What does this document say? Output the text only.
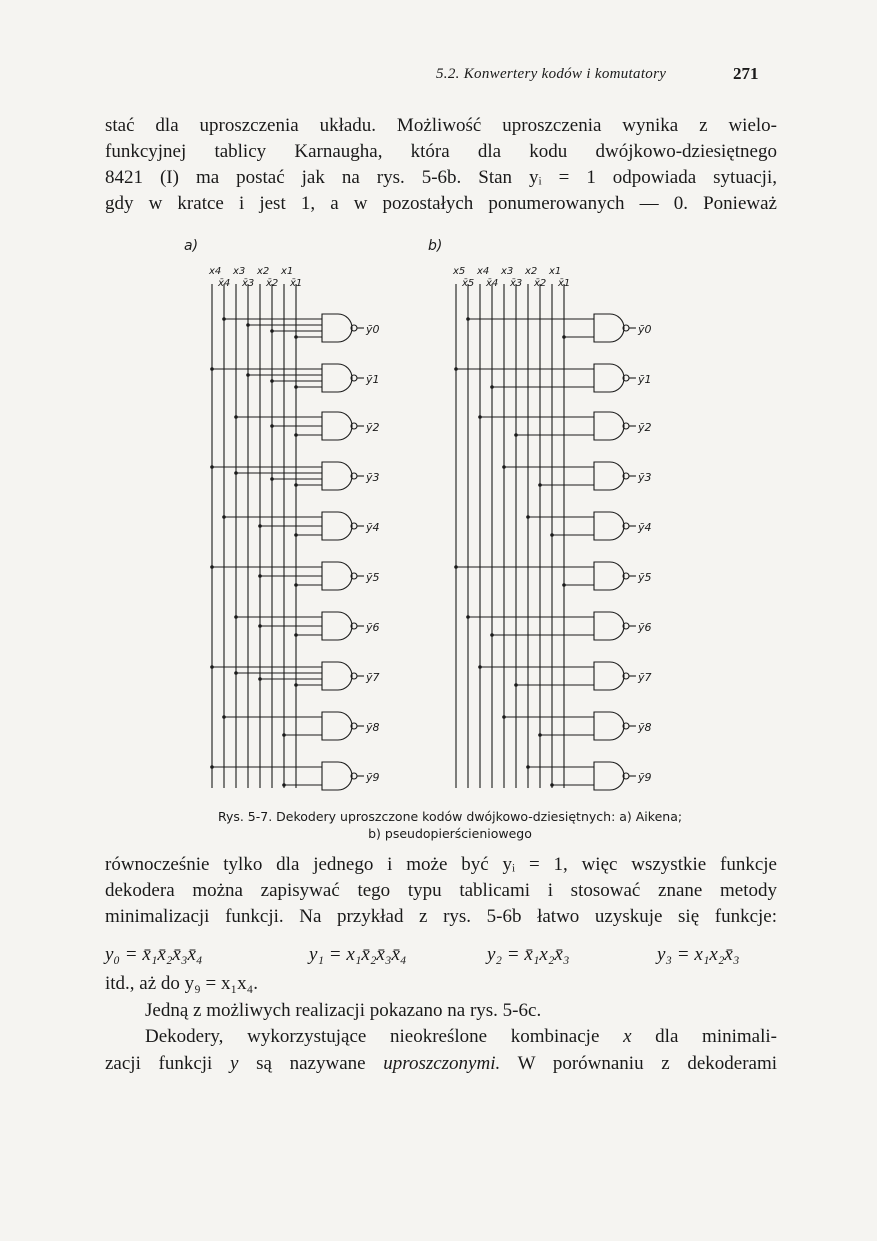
5.2. Konwertery kodów i komutatory	271
stać dla uproszczenia układu. Możliwość uproszczenia wynika z wielo-
funkcyjnej tablicy Karnaugha, która dla kodu dwójkowo-dziesiętnego
8421 (I) ma postać jak na rys. 5-6b. Stan yᵢ = 1 odpowiada sytuacji,
gdy w kratce i jest 1, a w pozostałych ponumerowanych — 0. Ponieważ
a)
x4 x3 x2 x1
x̄4 x̄3 x̄2 x̄1
ȳ0
ȳ1
ȳ2
ȳ3
ȳ4
ȳ5
ȳ6
ȳ7
ȳ8
ȳ9
b)
x5 x4 x3 x2 x1
x̄5 x̄4 x̄3 x̄2 x̄1
ȳ0
ȳ1
ȳ2
ȳ3
ȳ4
ȳ5
ȳ6
ȳ7
ȳ8
ȳ9
Rys. 5-7. Dekodery uproszczone kodów dwójkowo-dziesiętnych: a) Aikena;
b) pseudopierścieniowego
równocześnie tylko dla jednego i może być yᵢ = 1, więc wszystkie funkcje
dekodera można zapisywać tego typu tablicami i stosować znane metody
minimalizacji funkcji. Na przykład z rys. 5-6b łatwo uzyskuje się funkcje:
y₀ = x̄₁x̄₂x̄₃x̄₄	y₁ = x₁x̄₂x̄₃x̄₄	y₂ = x̄₁x₂x̄₃	y₃ = x₁x₂x̄₃
itd., aż do y₉ = x₁x₄.
Jedną z możliwych realizacji pokazano na rys. 5-6c.
Dekodery, wykorzystujące nieokreślone kombinacje x dla minimali-
zacji funkcji y są nazywane uproszczonymi. W porównaniu z dekoderami
